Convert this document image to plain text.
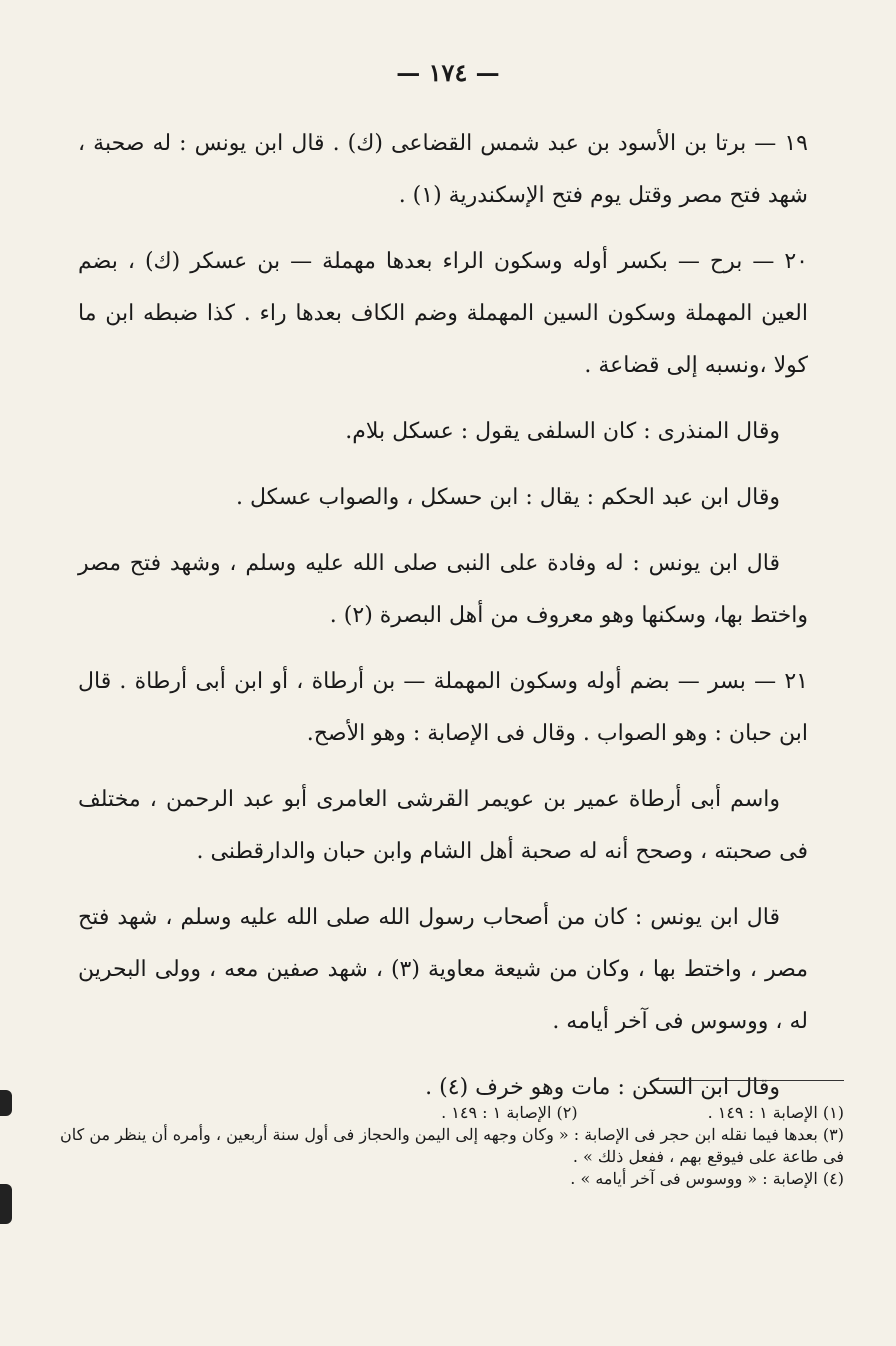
— ١٧٤ —

١٩ — برتا بن الأسود بن عبد شمس القضاعى (ك) . قال ابن يونس : له صحبة ، شهد فتح مصر وقتل يوم فتح الإسكندرية (١) .

٢٠ — برح — بكسر أوله وسكون الراء بعدها مهملة — بن عسكر (ك) ، بضم العين المهملة وسكون السين المهملة وضم الكاف بعدها راء . كذا ضبطه ابن ما كولا ،ونسبه إلى قضاعة .

وقال المنذرى : كان السلفى يقول : عسكل بلام.

وقال ابن عبد الحكم : يقال : ابن حسكل ، والصواب عسكل .

قال ابن يونس : له وفادة على النبى صلى الله عليه وسلم ، وشهد فتح مصر واختط بها، وسكنها وهو معروف من أهل البصرة (٢) .

٢١ — بسر — بضم أوله وسكون المهملة — بن أرطاة ، أو ابن أبى أرطاة . قال ابن حبان : وهو الصواب . وقال فى الإصابة : وهو الأصح.

واسم أبى أرطاة عمير بن عويمر القرشى العامرى أبو عبد الرحمن ، مختلف فى صحبته ، وصحح أنه له صحبة أهل الشام وابن حبان والدارقطنى .

قال ابن يونس : كان من أصحاب رسول الله صلى الله عليه وسلم ، شهد فتح مصر ، واختط بها ، وكان من شيعة معاوية (٣) ، شهد صفين معه ، وولى البحرين له ، ووسوس فى آخر أيامه .

وقال ابن السكن : مات وهو خرف (٤) .

(١) الإصابة ١ : ١٤٩ .
(٢) الإصابة ١ : ١٤٩ .
(٣) بعدها فيما نقله ابن حجر فى الإصابة : « وكان وجهه إلى اليمن والحجاز فى أول سنة أربعين ، وأمره أن ينظر من كان فى طاعة على فيوقع بهم ، ففعل ذلك » .
(٤) الإصابة : « ووسوس فى آخر أيامه » .
